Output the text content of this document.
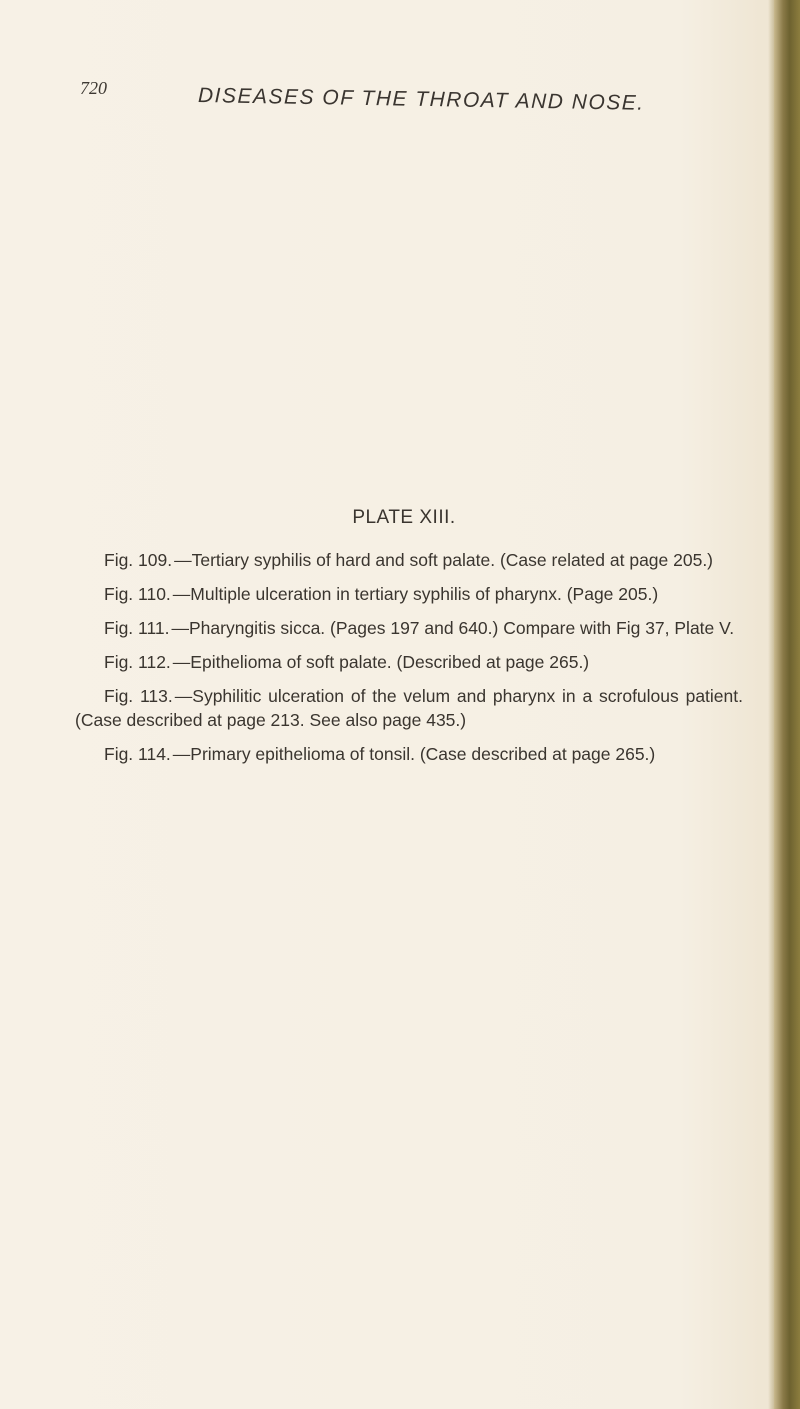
720	DISEASES OF THE THROAT AND NOSE.
PLATE XIII.

Fig. 109. —Tertiary syphilis of hard and soft palate. (Case related at page 205.)

Fig. 110. —Multiple ulceration in tertiary syphilis of pharynx. (Page 205.)

Fig. 111. —Pharyngitis sicca. (Pages 197 and 640.) Compare with Fig 37, Plate V.

Fig. 112. —Epithelioma of soft palate. (Described at page 265.)

Fig. 113. —Syphilitic ulceration of the velum and pharynx in a scrofulous patient. (Case described at page 213. See also page 435.)

Fig. 114. —Primary epithelioma of tonsil. (Case described at page 265.)
